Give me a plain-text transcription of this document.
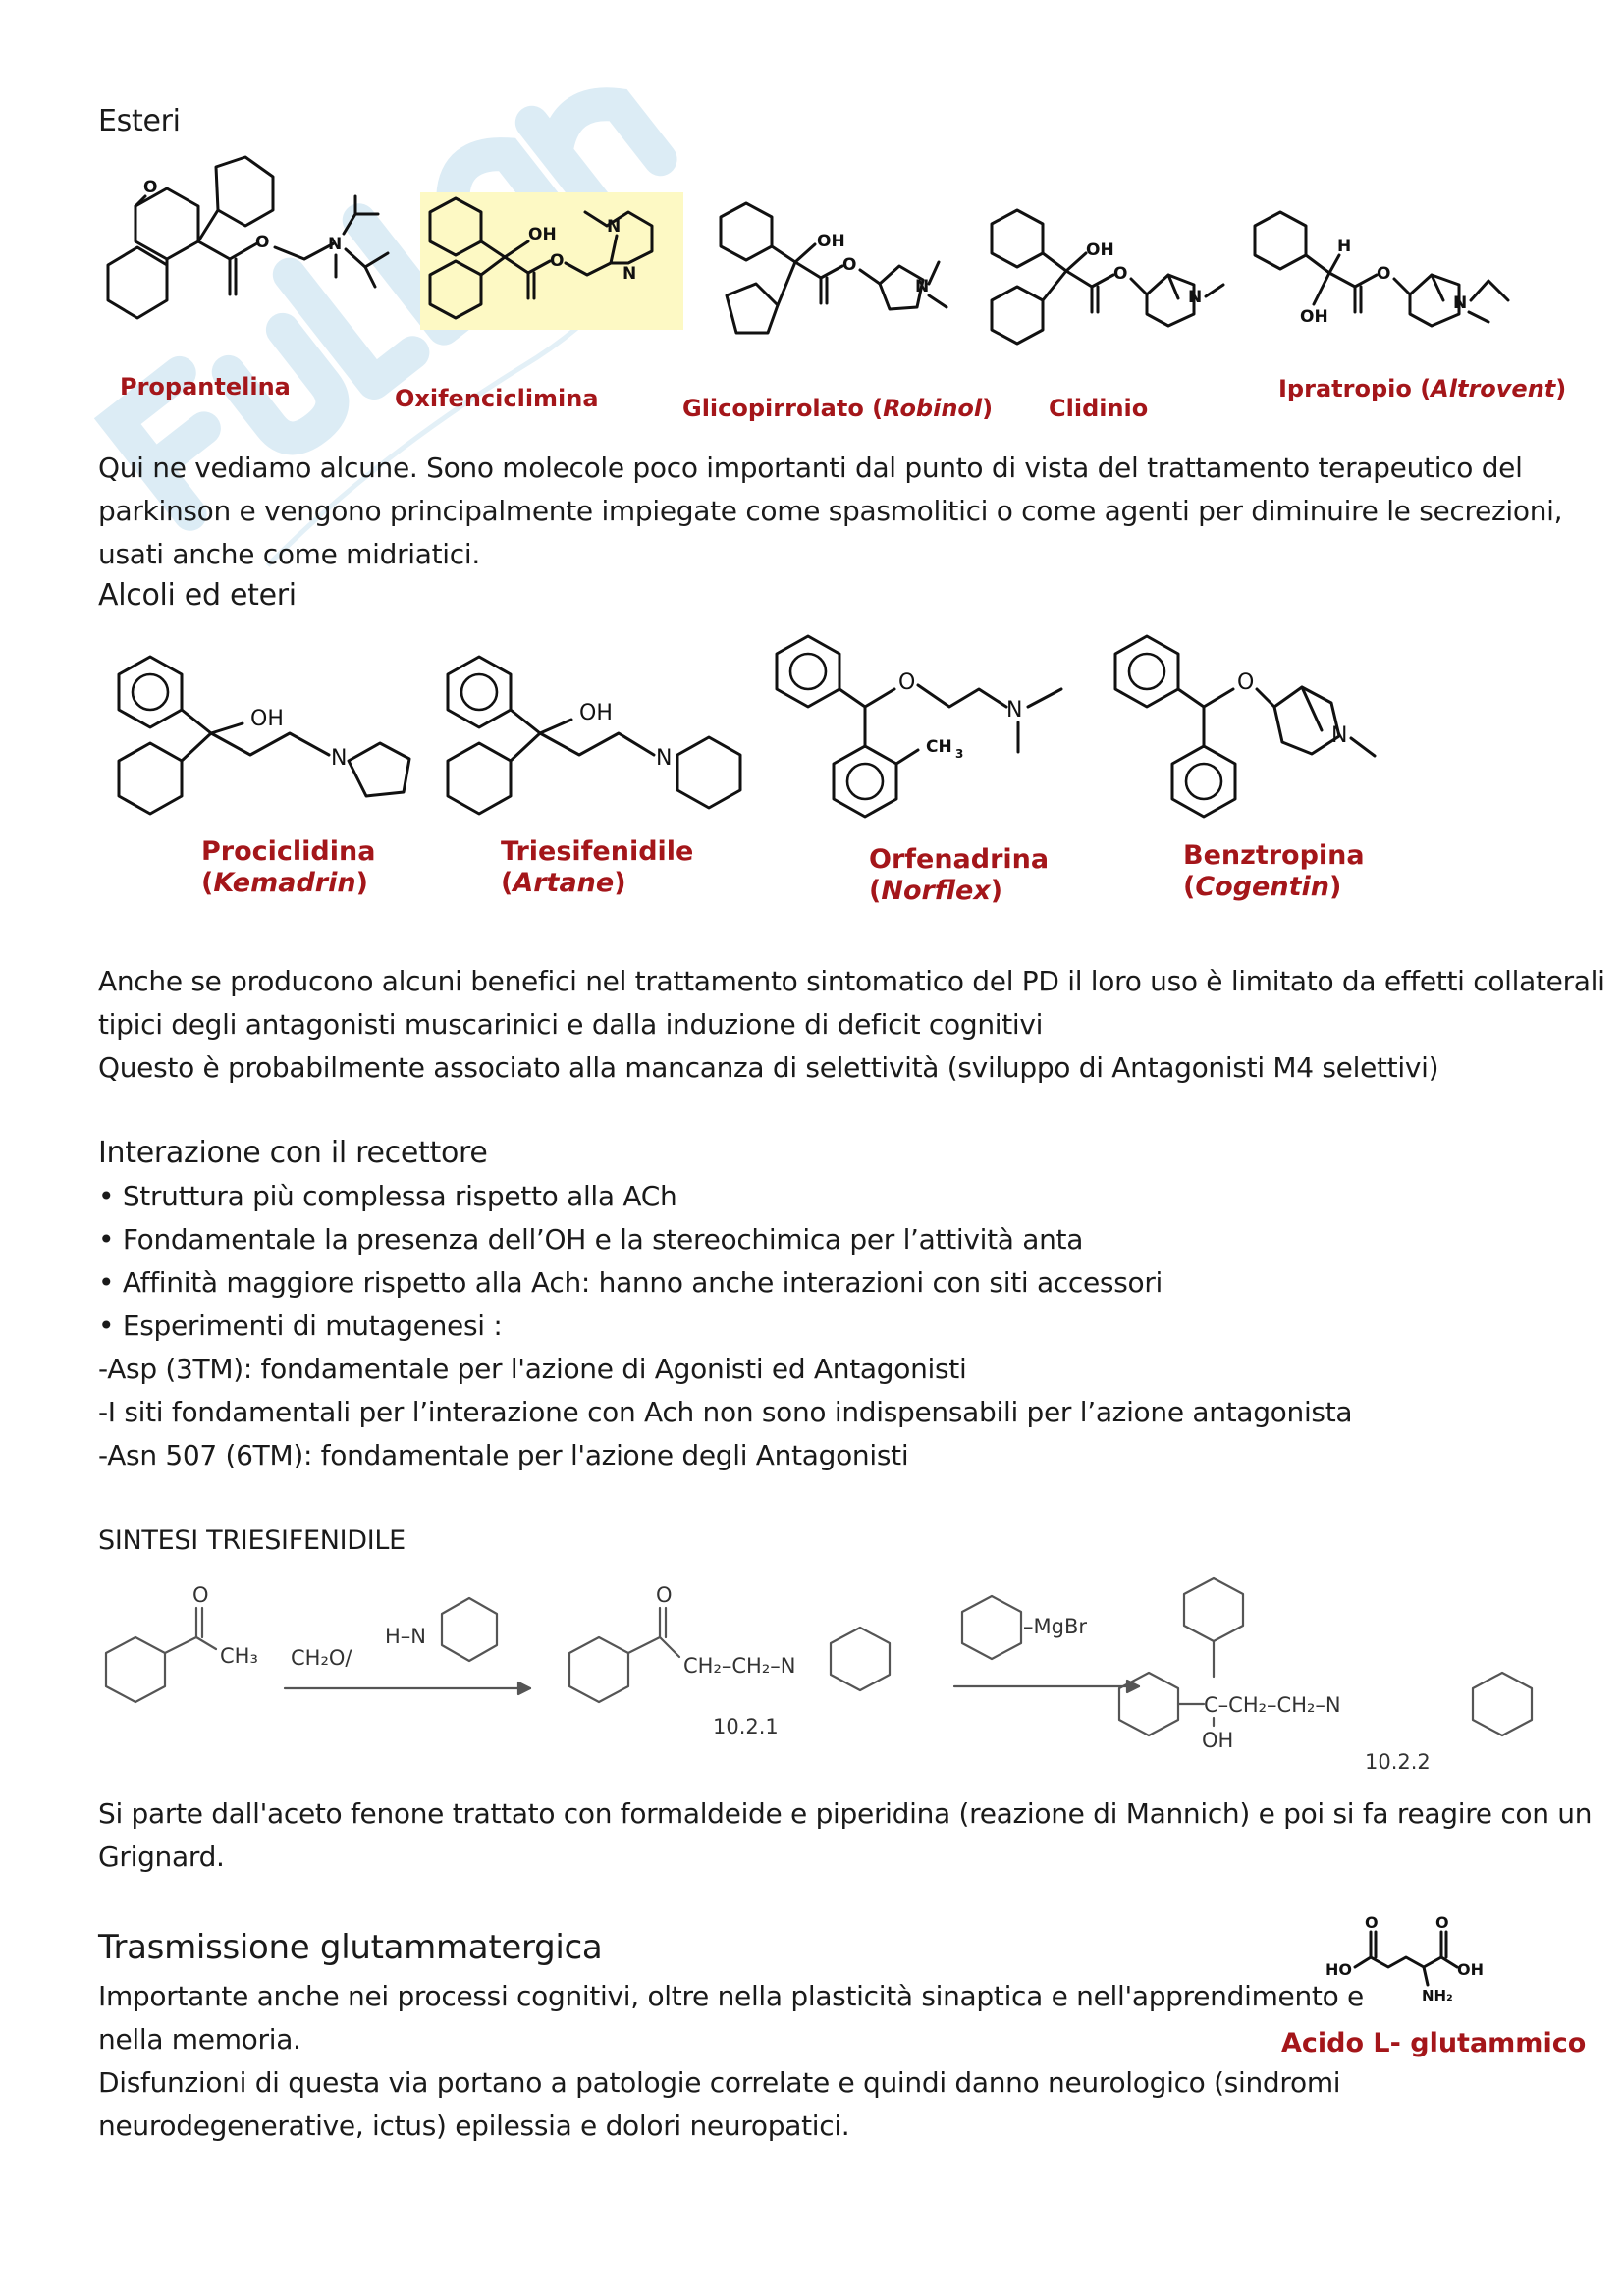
Esteri
O
O	N	OH
O
N
N
OH
O
N
OH
O
N
H
OH
O
N
Propantelina	Oxifenciclimina	Glicopirrolato (Robinol) Clidinio
Ipratropio (Altrovent)
Qui ne vediamo alcune. Sono molecole poco importanti dal punto di vista del trattamento terapeutico del
parkinson e vengono principalmente impiegate come spasmolitici o come agenti per diminuire le secrezioni,
usati anche come midriatici.
Alcoli ed eteri
OH
N
OH
N
O
N
CH 3
O
N
Prociclidina
(Kemadrin)
Triesifenidile
(Artane)
Orfenadrina
(Norflex)
Benztropina
(Cogentin)
Anche se producono alcuni benefici nel trattamento sintomatico del PD il loro uso è limitato da effetti collaterali
tipici degli antagonisti muscarinici e dalla induzione di deficit cognitivi
Questo è probabilmente associato alla mancanza di selettività (sviluppo di Antagonisti M4 selettivi)
Interazione con il recettore
• Struttura più complessa rispetto alla ACh
• Fondamentale la presenza dell’OH e la stereochimica per l’attività anta
• Affinità maggiore rispetto alla Ach: hanno anche interazioni con siti accessori
• Esperimenti di mutagenesi :
-Asp (3TM): fondamentale per l'azione di Agonisti ed Antagonisti
-I siti fondamentali per l’interazione con Ach non sono indispensabili per l’azione antagonista
-Asn 507 (6TM): fondamentale per l'azione degli Antagonisti
SINTESI TRIESIFENIDILE
O
CH₃ CH₂O/
H–N
O
CH₂–CH₂–N
10.2.1
–MgBr
C–CH₂–CH₂–N
OH
10.2.2
Si parte dall'aceto fenone trattato con formaldeide e piperidina (reazione di Mannich) e poi si fa reagire con un
Grignard.
Trasmissione glutammatergica
Importante anche nei processi cognitivi, oltre nella plasticità sinaptica e nell'apprendimento e
nella memoria.
Disfunzioni di questa via portano a patologie correlate e quindi danno neurologico (sindromi
neurodegenerative, ictus) epilessia e dolori neuropatici.
HO
O	O
OH
NH₂
Acido L- glutammico
